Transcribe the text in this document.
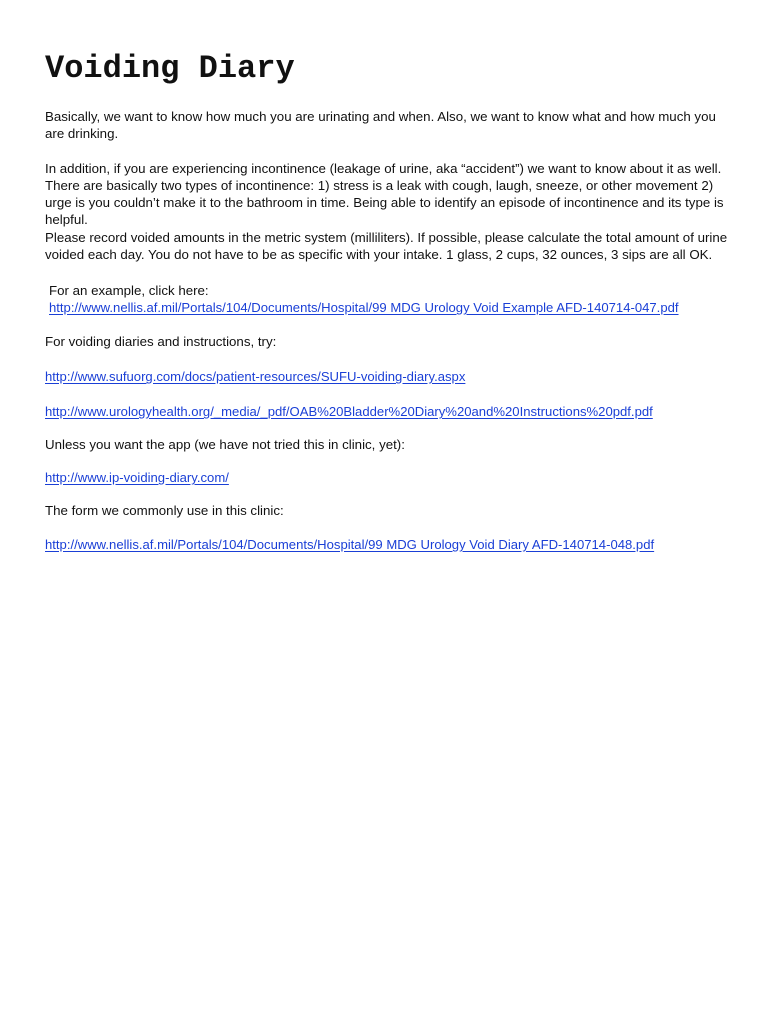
Voiding Diary

Basically, we want to know how much you are urinating and when. Also, we want to know what and how much you are drinking.

In addition, if you are experiencing incontinence (leakage of urine, aka “accident”) we want to know about it as well. There are basically two types of incontinence: 1) stress is a leak with cough, laugh, sneeze, or other movement 2) urge is you couldn’t make it to the bathroom in time. Being able to identify an episode of incontinence and its type is helpful.

Please record voided amounts in the metric system (milliliters). If possible, please calculate the total amount of urine voided each day. You do not have to be as specific with your intake. 1 glass, 2 cups, 32 ounces, 3 sips are all OK.

For an example, click here:

http://www.nellis.af.mil/Portals/104/Documents/Hospital/99 MDG Urology Void Example AFD-140714-047.pdf

For voiding diaries and instructions, try:

http://www.sufuorg.com/docs/patient-resources/SUFU-voiding-diary.aspx
http://www.urologyhealth.org/_media/_pdf/OAB%20Bladder%20Diary%20and%20Instructions%20pdf.pdf

Unless you want the app (we have not tried this in clinic, yet):

http://www.ip-voiding-diary.com/

The form we commonly use in this clinic:

http://www.nellis.af.mil/Portals/104/Documents/Hospital/99 MDG Urology Void Diary AFD-140714-048.pdf
